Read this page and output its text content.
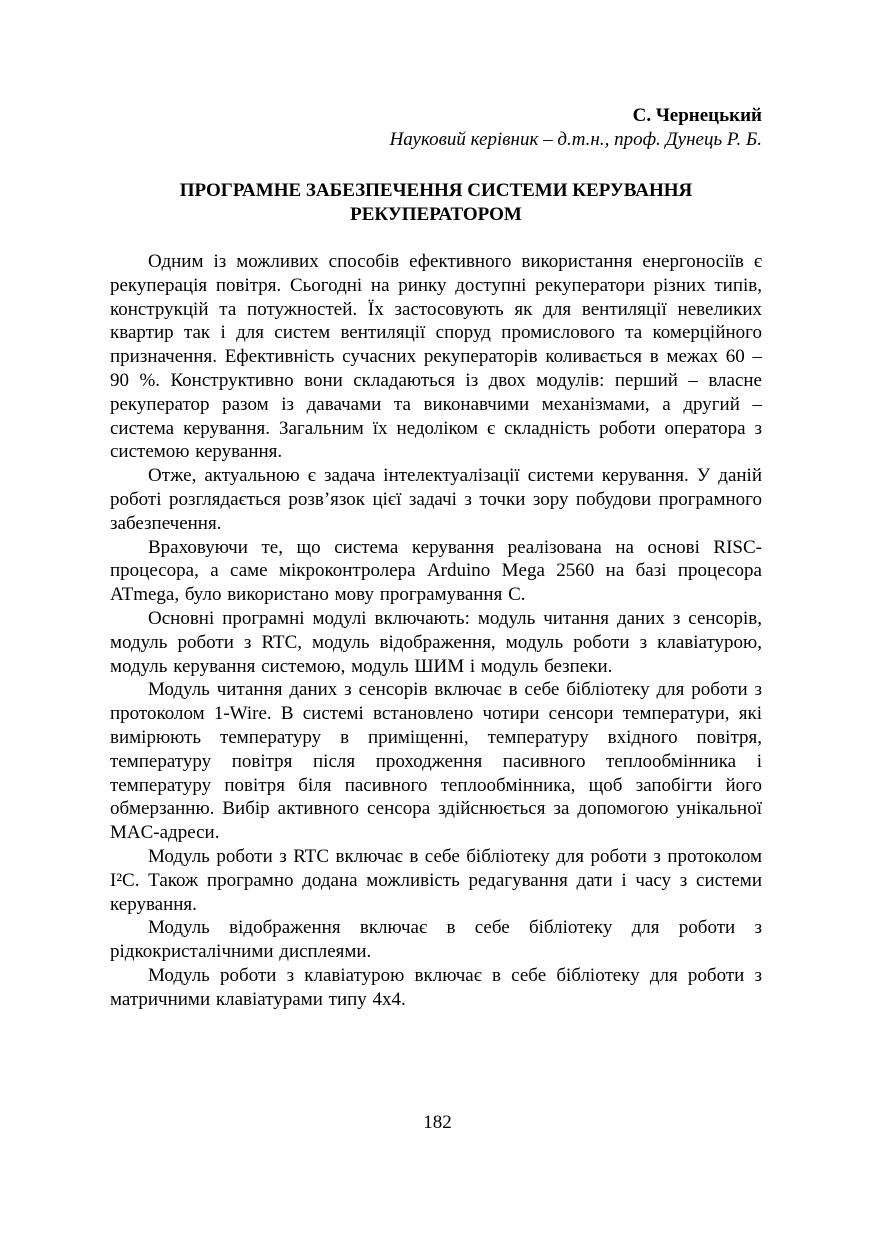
С. Чернецький
Науковий керівник – д.т.н., проф. Дунець Р. Б.
ПРОГРАМНЕ ЗАБЕЗПЕЧЕННЯ СИСТЕМИ КЕРУВАННЯ РЕКУПЕРАТОРОМ

Одним із можливих способів ефективного використання енергоносіїв є рекуперація повітря. Сьогодні на ринку доступні рекуператори різних типів, конструкцій та потужностей. Їх застосовують як для вентиляції невеликих квартир так і для систем вентиляції споруд промислового та комерційного призначення. Ефективність сучасних рекуператорів коливається в межах 60 – 90 %. Конструктивно вони складаються із двох модулів: перший – власне рекуператор разом із давачами та виконавчими механізмами, а другий – система керування. Загальним їх недоліком є складність роботи оператора з системою керування.

Отже, актуальною є задача інтелектуалізації системи керування. У даній роботі розглядається розв’язок цієї задачі з точки зору побудови програмного забезпечення.

Враховуючи те, що система керування реалізована на основі RISC-процесора, а саме мікроконтролера Arduino Mega 2560 на базі процесора ATmega, було використано мову програмування C.

Основні програмні модулі включають: модуль читання даних з сенсорів, модуль роботи з RTC, модуль відображення, модуль роботи з клавіатурою, модуль керування системою, модуль ШИМ і модуль безпеки.

Модуль читання даних з сенсорів включає в себе бібліотеку для роботи з протоколом 1-Wire. В системі встановлено чотири сенсори температури, які вимірюють температуру в приміщенні, температуру вхідного повітря, температуру повітря після проходження пасивного теплообмінника і температуру повітря біля пасивного теплообмінника, щоб запобігти його обмерзанню. Вибір активного сенсора здійснюється за допомогою унікальної MAC-адреси.

Модуль роботи з RTC включає в себе бібліотеку для роботи з протоколом I²C. Також програмно додана можливість редагування дати і часу з системи керування.

Модуль відображення включає в себе бібліотеку для роботи з рідкокристалічними дисплеями.

Модуль роботи з клавіатурою включає в себе бібліотеку для роботи з матричними клавіатурами типу 4х4.

182
